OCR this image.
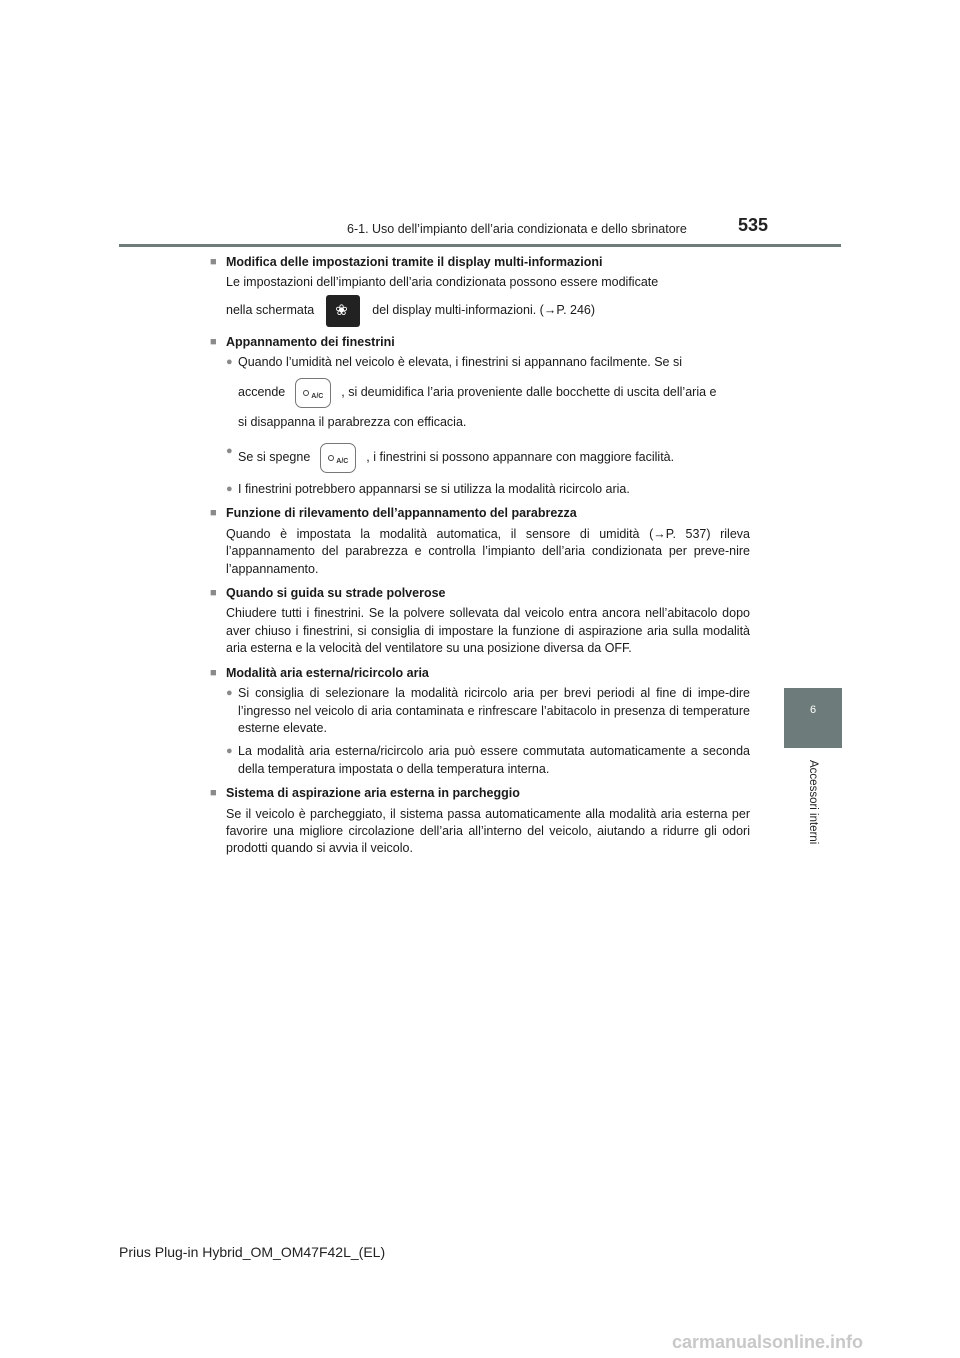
6-1. Uso dell’impianto dell’aria condizionata e dello sbrinatore	535
6
Accessori interni

■ Modifica delle impostazioni tramite il display multi-informazioni

Le impostazioni dell’impianto dell’aria condizionata possono essere modificate

nella schermata
❀	del display multi-informazioni. (→P. 246)

■ Appannamento dei finestrini

● Quando l’umidità nel veicolo è elevata, i finestrini si appannano facilmente. Se si
accende	A/C , si deumidifica l’aria proveniente dalle bocchette di uscita dell’aria e
si disappanna il parabrezza con efficacia.
● Se si spegne	A/C , i finestrini si possono appannare con maggiore facilità.
● I finestrini potrebbero appannarsi se si utilizza la modalità ricircolo aria.

■ Funzione di rilevamento dell’appannamento del parabrezza

Quando è impostata la modalità automatica, il sensore di umidità (→P. 537) rileva l’appannamento del parabrezza e controlla l’impianto dell’aria condizionata per preve-nire l’appannamento.

■ Quando si guida su strade polverose

Chiudere tutti i finestrini. Se la polvere sollevata dal veicolo entra ancora nell’abitacolo dopo aver chiuso i finestrini, si consiglia di impostare la funzione di aspirazione aria sulla modalità aria esterna e la velocità del ventilatore su una posizione diversa da OFF.

■ Modalità aria esterna/ricircolo aria

● Si consiglia di selezionare la modalità ricircolo aria per brevi periodi al fine di impe-dire l’ingresso nel veicolo di aria contaminata e rinfrescare l’abitacolo in presenza di temperature esterne elevate.
● La modalità aria esterna/ricircolo aria può essere commutata automaticamente a seconda della temperatura impostata o della temperatura interna.

■ Sistema di aspirazione aria esterna in parcheggio

Se il veicolo è parcheggiato, il sistema passa automaticamente alla modalità aria esterna per favorire una migliore circolazione dell’aria all’interno del veicolo, aiutando a ridurre gli odori prodotti quando si avvia il veicolo.

Prius Plug-in Hybrid_OM_OM47F42L_(EL)
carmanualsonline.info
